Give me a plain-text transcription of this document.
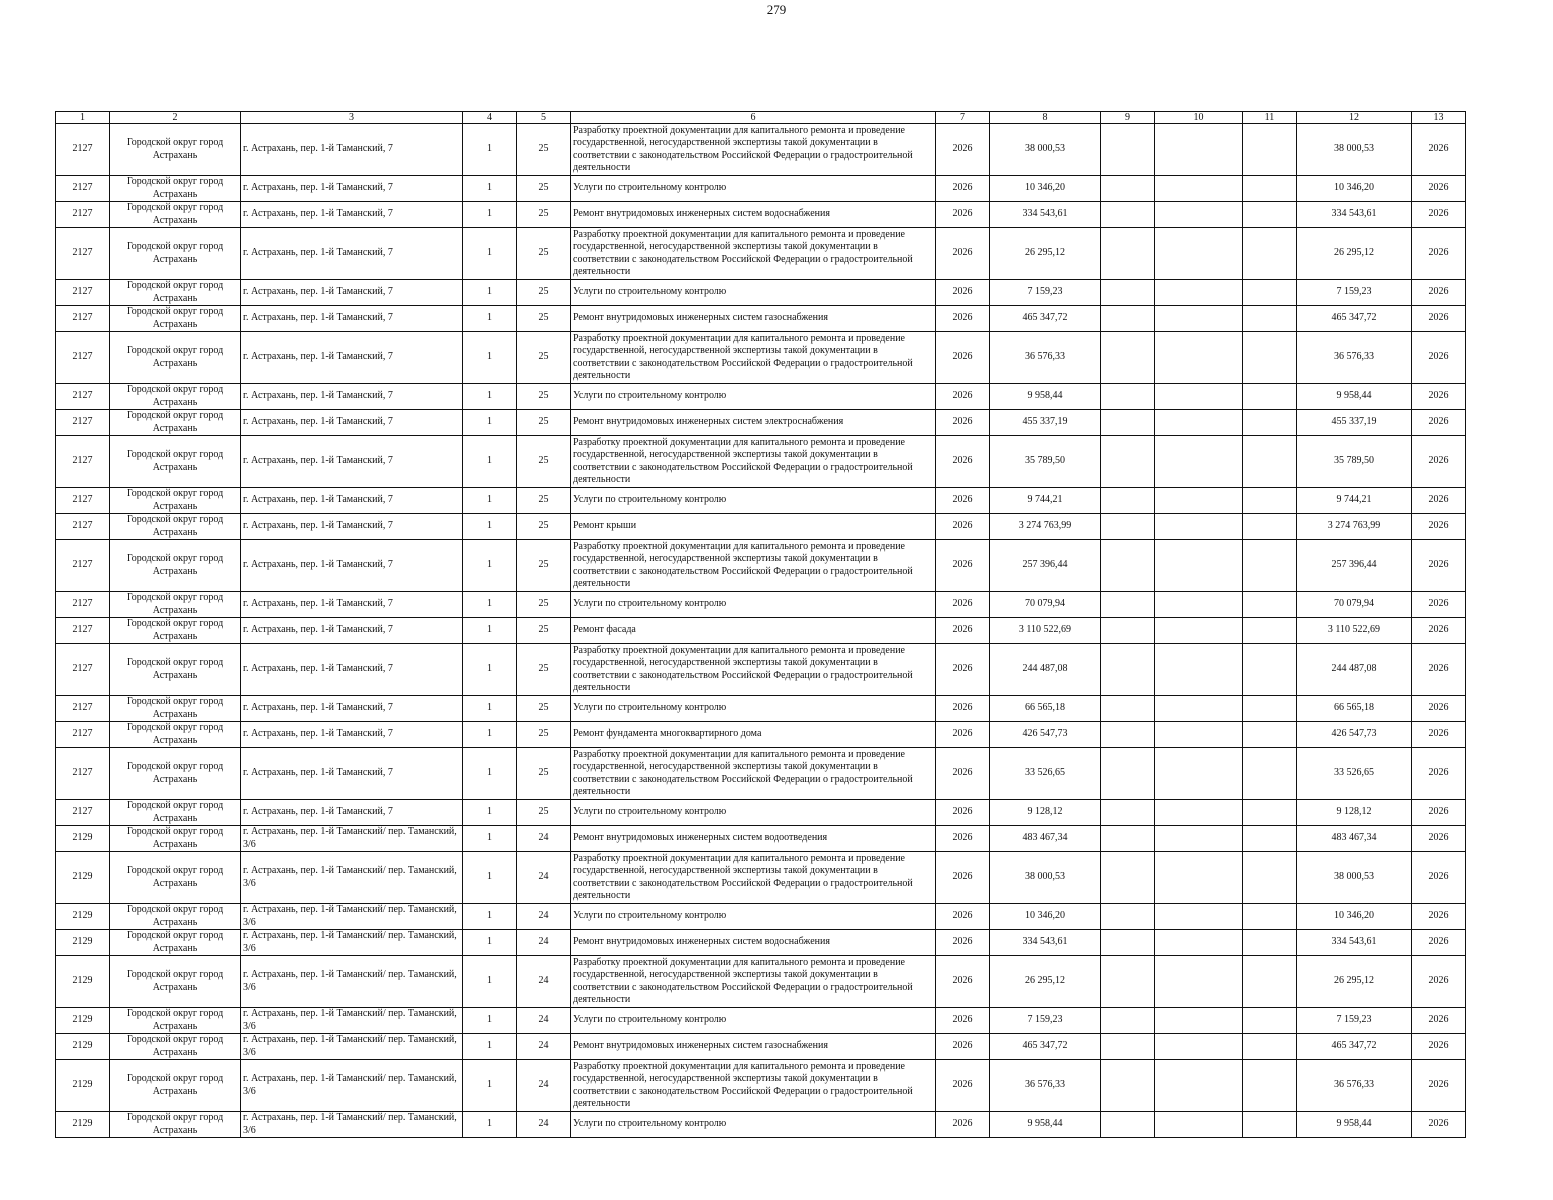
279
1	2	3	4	5	6	7	8	9	10	11	12	13
2127	Городской округ город Астрахань	г. Астрахань, пер. 1-й Таманский, 7	1	25	Разработку проектной документации для капитального ремонта и проведение государственной, негосударственной экспертизы такой документации в соответствии с законодательством Российской Федерации о градостроительной деятельности	2026	38 000,53				38 000,53	2026
2127	Городской округ город Астрахань	г. Астрахань, пер. 1-й Таманский, 7	1	25	Услуги по строительному контролю	2026	10 346,20				10 346,20	2026
2127	Городской округ город Астрахань	г. Астрахань, пер. 1-й Таманский, 7	1	25	Ремонт внутридомовых инженерных систем водоснабжения	2026	334 543,61				334 543,61	2026
2127	Городской округ город Астрахань	г. Астрахань, пер. 1-й Таманский, 7	1	25	Разработку проектной документации для капитального ремонта и проведение государственной, негосударственной экспертизы такой документации в соответствии с законодательством Российской Федерации о градостроительной деятельности	2026	26 295,12				26 295,12	2026
2127	Городской округ город Астрахань	г. Астрахань, пер. 1-й Таманский, 7	1	25	Услуги по строительному контролю	2026	7 159,23				7 159,23	2026
2127	Городской округ город Астрахань	г. Астрахань, пер. 1-й Таманский, 7	1	25	Ремонт внутридомовых инженерных систем газоснабжения	2026	465 347,72				465 347,72	2026
2127	Городской округ город Астрахань	г. Астрахань, пер. 1-й Таманский, 7	1	25	Разработку проектной документации для капитального ремонта и проведение государственной, негосударственной экспертизы такой документации в соответствии с законодательством Российской Федерации о градостроительной деятельности	2026	36 576,33				36 576,33	2026
2127	Городской округ город Астрахань	г. Астрахань, пер. 1-й Таманский, 7	1	25	Услуги по строительному контролю	2026	9 958,44				9 958,44	2026
2127	Городской округ город Астрахань	г. Астрахань, пер. 1-й Таманский, 7	1	25	Ремонт внутридомовых инженерных систем электроснабжения	2026	455 337,19				455 337,19	2026
2127	Городской округ город Астрахань	г. Астрахань, пер. 1-й Таманский, 7	1	25	Разработку проектной документации для капитального ремонта и проведение государственной, негосударственной экспертизы такой документации в соответствии с законодательством Российской Федерации о градостроительной деятельности	2026	35 789,50				35 789,50	2026
2127	Городской округ город Астрахань	г. Астрахань, пер. 1-й Таманский, 7	1	25	Услуги по строительному контролю	2026	9 744,21				9 744,21	2026
2127	Городской округ город Астрахань	г. Астрахань, пер. 1-й Таманский, 7	1	25	Ремонт крыши	2026	3 274 763,99				3 274 763,99	2026
2127	Городской округ город Астрахань	г. Астрахань, пер. 1-й Таманский, 7	1	25	Разработку проектной документации для капитального ремонта и проведение государственной, негосударственной экспертизы такой документации в соответствии с законодательством Российской Федерации о градостроительной деятельности	2026	257 396,44				257 396,44	2026
2127	Городской округ город Астрахань	г. Астрахань, пер. 1-й Таманский, 7	1	25	Услуги по строительному контролю	2026	70 079,94				70 079,94	2026
2127	Городской округ город Астрахань	г. Астрахань, пер. 1-й Таманский, 7	1	25	Ремонт фасада	2026	3 110 522,69				3 110 522,69	2026
2127	Городской округ город Астрахань	г. Астрахань, пер. 1-й Таманский, 7	1	25	Разработку проектной документации для капитального ремонта и проведение государственной, негосударственной экспертизы такой документации в соответствии с законодательством Российской Федерации о градостроительной деятельности	2026	244 487,08				244 487,08	2026
2127	Городской округ город Астрахань	г. Астрахань, пер. 1-й Таманский, 7	1	25	Услуги по строительному контролю	2026	66 565,18				66 565,18	2026
2127	Городской округ город Астрахань	г. Астрахань, пер. 1-й Таманский, 7	1	25	Ремонт фундамента многоквартирного дома	2026	426 547,73				426 547,73	2026
2127	Городской округ город Астрахань	г. Астрахань, пер. 1-й Таманский, 7	1	25	Разработку проектной документации для капитального ремонта и проведение государственной, негосударственной экспертизы такой документации в соответствии с законодательством Российской Федерации о градостроительной деятельности	2026	33 526,65				33 526,65	2026
2127	Городской округ город Астрахань	г. Астрахань, пер. 1-й Таманский, 7	1	25	Услуги по строительному контролю	2026	9 128,12				9 128,12	2026
2129	Городской округ город Астрахань	г. Астрахань, пер. 1-й Таманский/ пер. Таманский, 3/6	1	24	Ремонт внутридомовых инженерных систем водоотведения	2026	483 467,34				483 467,34	2026
2129	Городской округ город Астрахань	г. Астрахань, пер. 1-й Таманский/ пер. Таманский, 3/6	1	24	Разработку проектной документации для капитального ремонта и проведение государственной, негосударственной экспертизы такой документации в соответствии с законодательством Российской Федерации о градостроительной деятельности	2026	38 000,53				38 000,53	2026
2129	Городской округ город Астрахань	г. Астрахань, пер. 1-й Таманский/ пер. Таманский, 3/6	1	24	Услуги по строительному контролю	2026	10 346,20				10 346,20	2026
2129	Городской округ город Астрахань	г. Астрахань, пер. 1-й Таманский/ пер. Таманский, 3/6	1	24	Ремонт внутридомовых инженерных систем водоснабжения	2026	334 543,61				334 543,61	2026
2129	Городской округ город Астрахань	г. Астрахань, пер. 1-й Таманский/ пер. Таманский, 3/6	1	24	Разработку проектной документации для капитального ремонта и проведение государственной, негосударственной экспертизы такой документации в соответствии с законодательством Российской Федерации о градостроительной деятельности	2026	26 295,12				26 295,12	2026
2129	Городской округ город Астрахань	г. Астрахань, пер. 1-й Таманский/ пер. Таманский, 3/6	1	24	Услуги по строительному контролю	2026	7 159,23				7 159,23	2026
2129	Городской округ город Астрахань	г. Астрахань, пер. 1-й Таманский/ пер. Таманский, 3/6	1	24	Ремонт внутридомовых инженерных систем газоснабжения	2026	465 347,72				465 347,72	2026
2129	Городской округ город Астрахань	г. Астрахань, пер. 1-й Таманский/ пер. Таманский, 3/6	1	24	Разработку проектной документации для капитального ремонта и проведение государственной, негосударственной экспертизы такой документации в соответствии с законодательством Российской Федерации о градостроительной деятельности	2026	36 576,33				36 576,33	2026
2129	Городской округ город Астрахань	г. Астрахань, пер. 1-й Таманский/ пер. Таманский, 3/6	1	24	Услуги по строительному контролю	2026	9 958,44				9 958,44	2026
